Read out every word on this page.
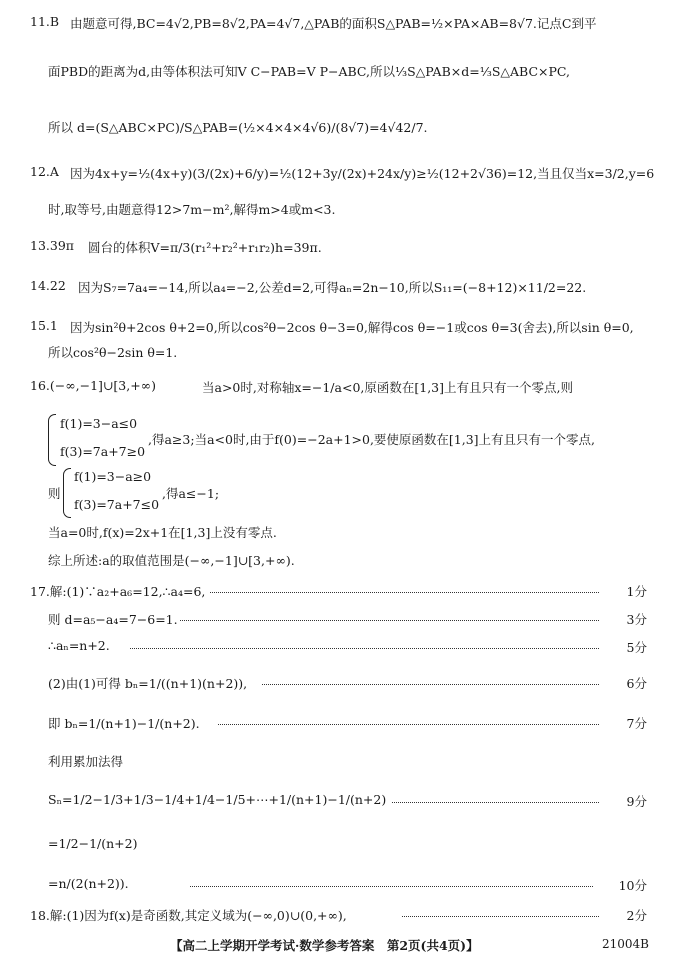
11.B 由题意可得,BC=4√2,PB=8√2,PA=4√7,△PAB的面积S△PAB=½×PA×AB=8√7.记点C到平
面PBD的距离为d,由等体积法可知V C−PAB=V P−ABC,所以⅓S△PAB×d=⅓S△ABC×PC,
所以 d=(S△ABC×PC)/S△PAB=(½×4×4×4√6)/(8√7)=4√42/7.
12.A 因为4x+y=½(4x+y)(3/(2x)+6/y)=½(12+3y/(2x)+24x/y)≥½(12+2√36)=12,当且仅当x=3/2,y=6
时,取等号,由题意得12>7m−m²,解得m>4或m<3.
13.39π 圆台的体积V=π/3(r₁²+r₂²+r₁r₂)h=39π.
14.22 因为S₇=7a₄=−14,所以a₄=−2,公差d=2,可得aₙ=2n−10,所以S₁₁=(−8+12)×11/2=22.
15.1 因为sin²θ+2cos θ+2=0,所以cos²θ−2cos θ−3=0,解得cos θ=−1或cos θ=3(舍去),所以sin θ=0,
所以cos²θ−2sin θ=1.
16.(−∞,−1]∪[3,+∞)	当a>0时,对称轴x=−1/a<0,原函数在[1,3]上有且只有一个零点,则
f(1)=3−a≤0
,得a≥3;当a<0时,由于f(0)=−2a+1>0,要使原函数在[1,3]上有且只有一个零点,
f(3)=7a+7≥0
则
f(1)=3−a≥0
,得a≤−1;
f(3)=7a+7≤0
当a=0时,f(x)=2x+1在[1,3]上没有零点.
综上所述:a的取值范围是(−∞,−1]∪[3,+∞).
17.解:(1)∵a₂+a₆=12,∴a₄=6,	1分
则 d=a₅−a₄=7−6=1.	3分
∴aₙ=n+2.	5分
(2)由(1)可得 bₙ=1/((n+1)(n+2)),	6分
即 bₙ=1/(n+1)−1/(n+2).	7分
利用累加法得
Sₙ=1/2−1/3+1/3−1/4+1/4−1/5+⋯+1/(n+1)−1/(n+2)	9分
=1/2−1/(n+2)
=n/(2(n+2)).	10分
18.解:(1)因为f(x)是奇函数,其定义域为(−∞,0)∪(0,+∞),	2分
【高二上学期开学考试·数学参考答案　第2页(共4页)】	21004B
